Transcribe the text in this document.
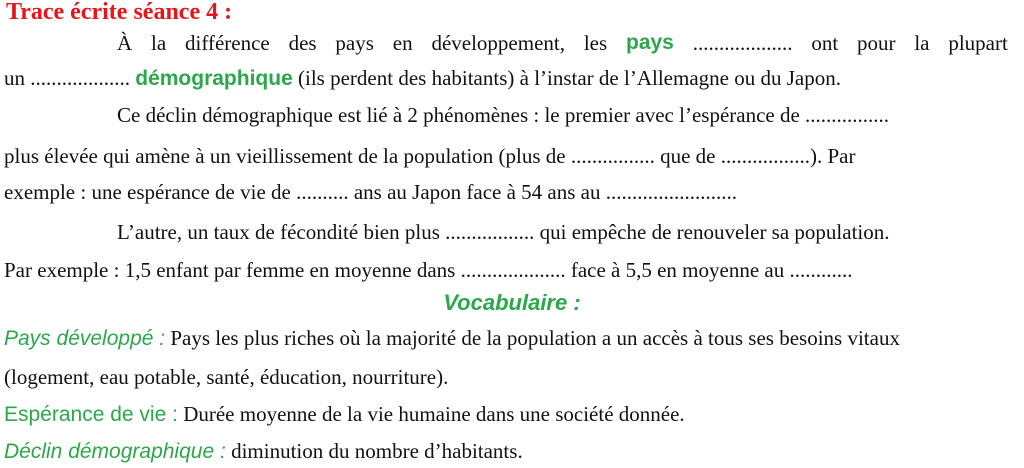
Trace écrite séance 4 :
À la différence des pays en développement, les pays ................... ont pour la plupart
un ................... démographique (ils perdent des habitants) à l’instar de l’Allemagne ou du Japon.
Ce déclin démographique est lié à 2 phénomènes : le premier avec l’espérance de ................
plus élevée qui amène à un vieillissement de la population (plus de ................ que de .................). Par
exemple : une espérance de vie de .......... ans au Japon face à 54 ans au .........................
L’autre, un taux de fécondité bien plus ................. qui empêche de renouveler sa population.
Par exemple : 1,5 enfant par femme en moyenne dans .................... face à 5,5 en moyenne au ............
Vocabulaire :
Pays développé : Pays les plus riches où la majorité de la population a un accès à tous ses besoins vitaux
(logement, eau potable, santé, éducation, nourriture).
Espérance de vie : Durée moyenne de la vie humaine dans une société donnée.
Déclin démographique : diminution du nombre d’habitants.
